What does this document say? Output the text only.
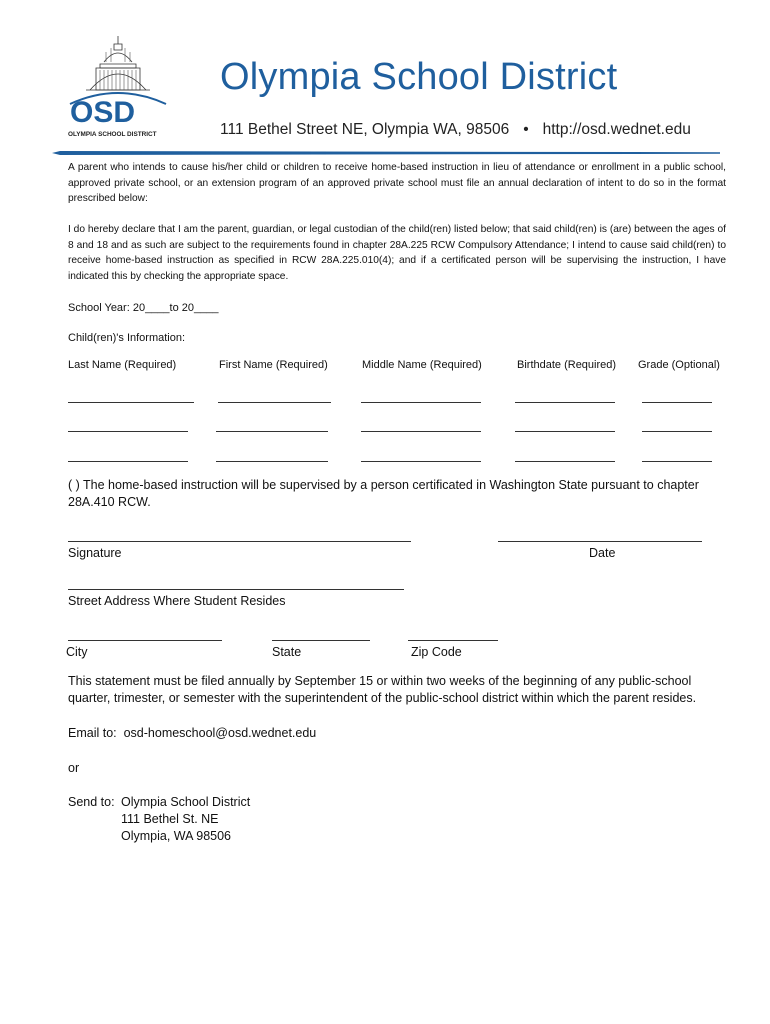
OSD
OLYMPIA SCHOOL DISTRICT
Olympia School District
111 Bethel Street NE, Olympia WA, 98506 • http://osd.wednet.edu
A parent who intends to cause his/her child or children to receive home-based instruction in lieu of attendance or enrollment in a public school, approved private school, or an extension program of an approved private school must file an annual declaration of intent to do so in the format prescribed below:
I do hereby declare that I am the parent, guardian, or legal custodian of the child(ren) listed below; that said child(ren) is (are) between the ages of 8 and 18 and as such are subject to the requirements found in chapter 28A.225 RCW Compulsory Attendance; I intend to cause said child(ren) to receive home-based instruction as specified in RCW 28A.225.010(4); and if a certificated person will be supervising the instruction, I have indicated this by checking the appropriate space.
School Year: 20____to 20____
Child(ren)'s Information:
Last Name (Required)	First Name (Required)	Middle Name (Required)	Birthdate (Required) Grade (Optional)
( ) The home-based instruction will be supervised by a person certificated in Washington State pursuant to chapter 28A.410 RCW.
Signature	Date
Street Address Where Student Resides
City	State	Zip Code
This statement must be filed annually by September 15 or within two weeks of the beginning of any public-school quarter, trimester, or semester with the superintendent of the public-school district within which the parent resides.
Email to: osd-homeschool@osd.wednet.edu
or
Send to: Olympia School District
111 Bethel St. NE
Olympia, WA 98506
